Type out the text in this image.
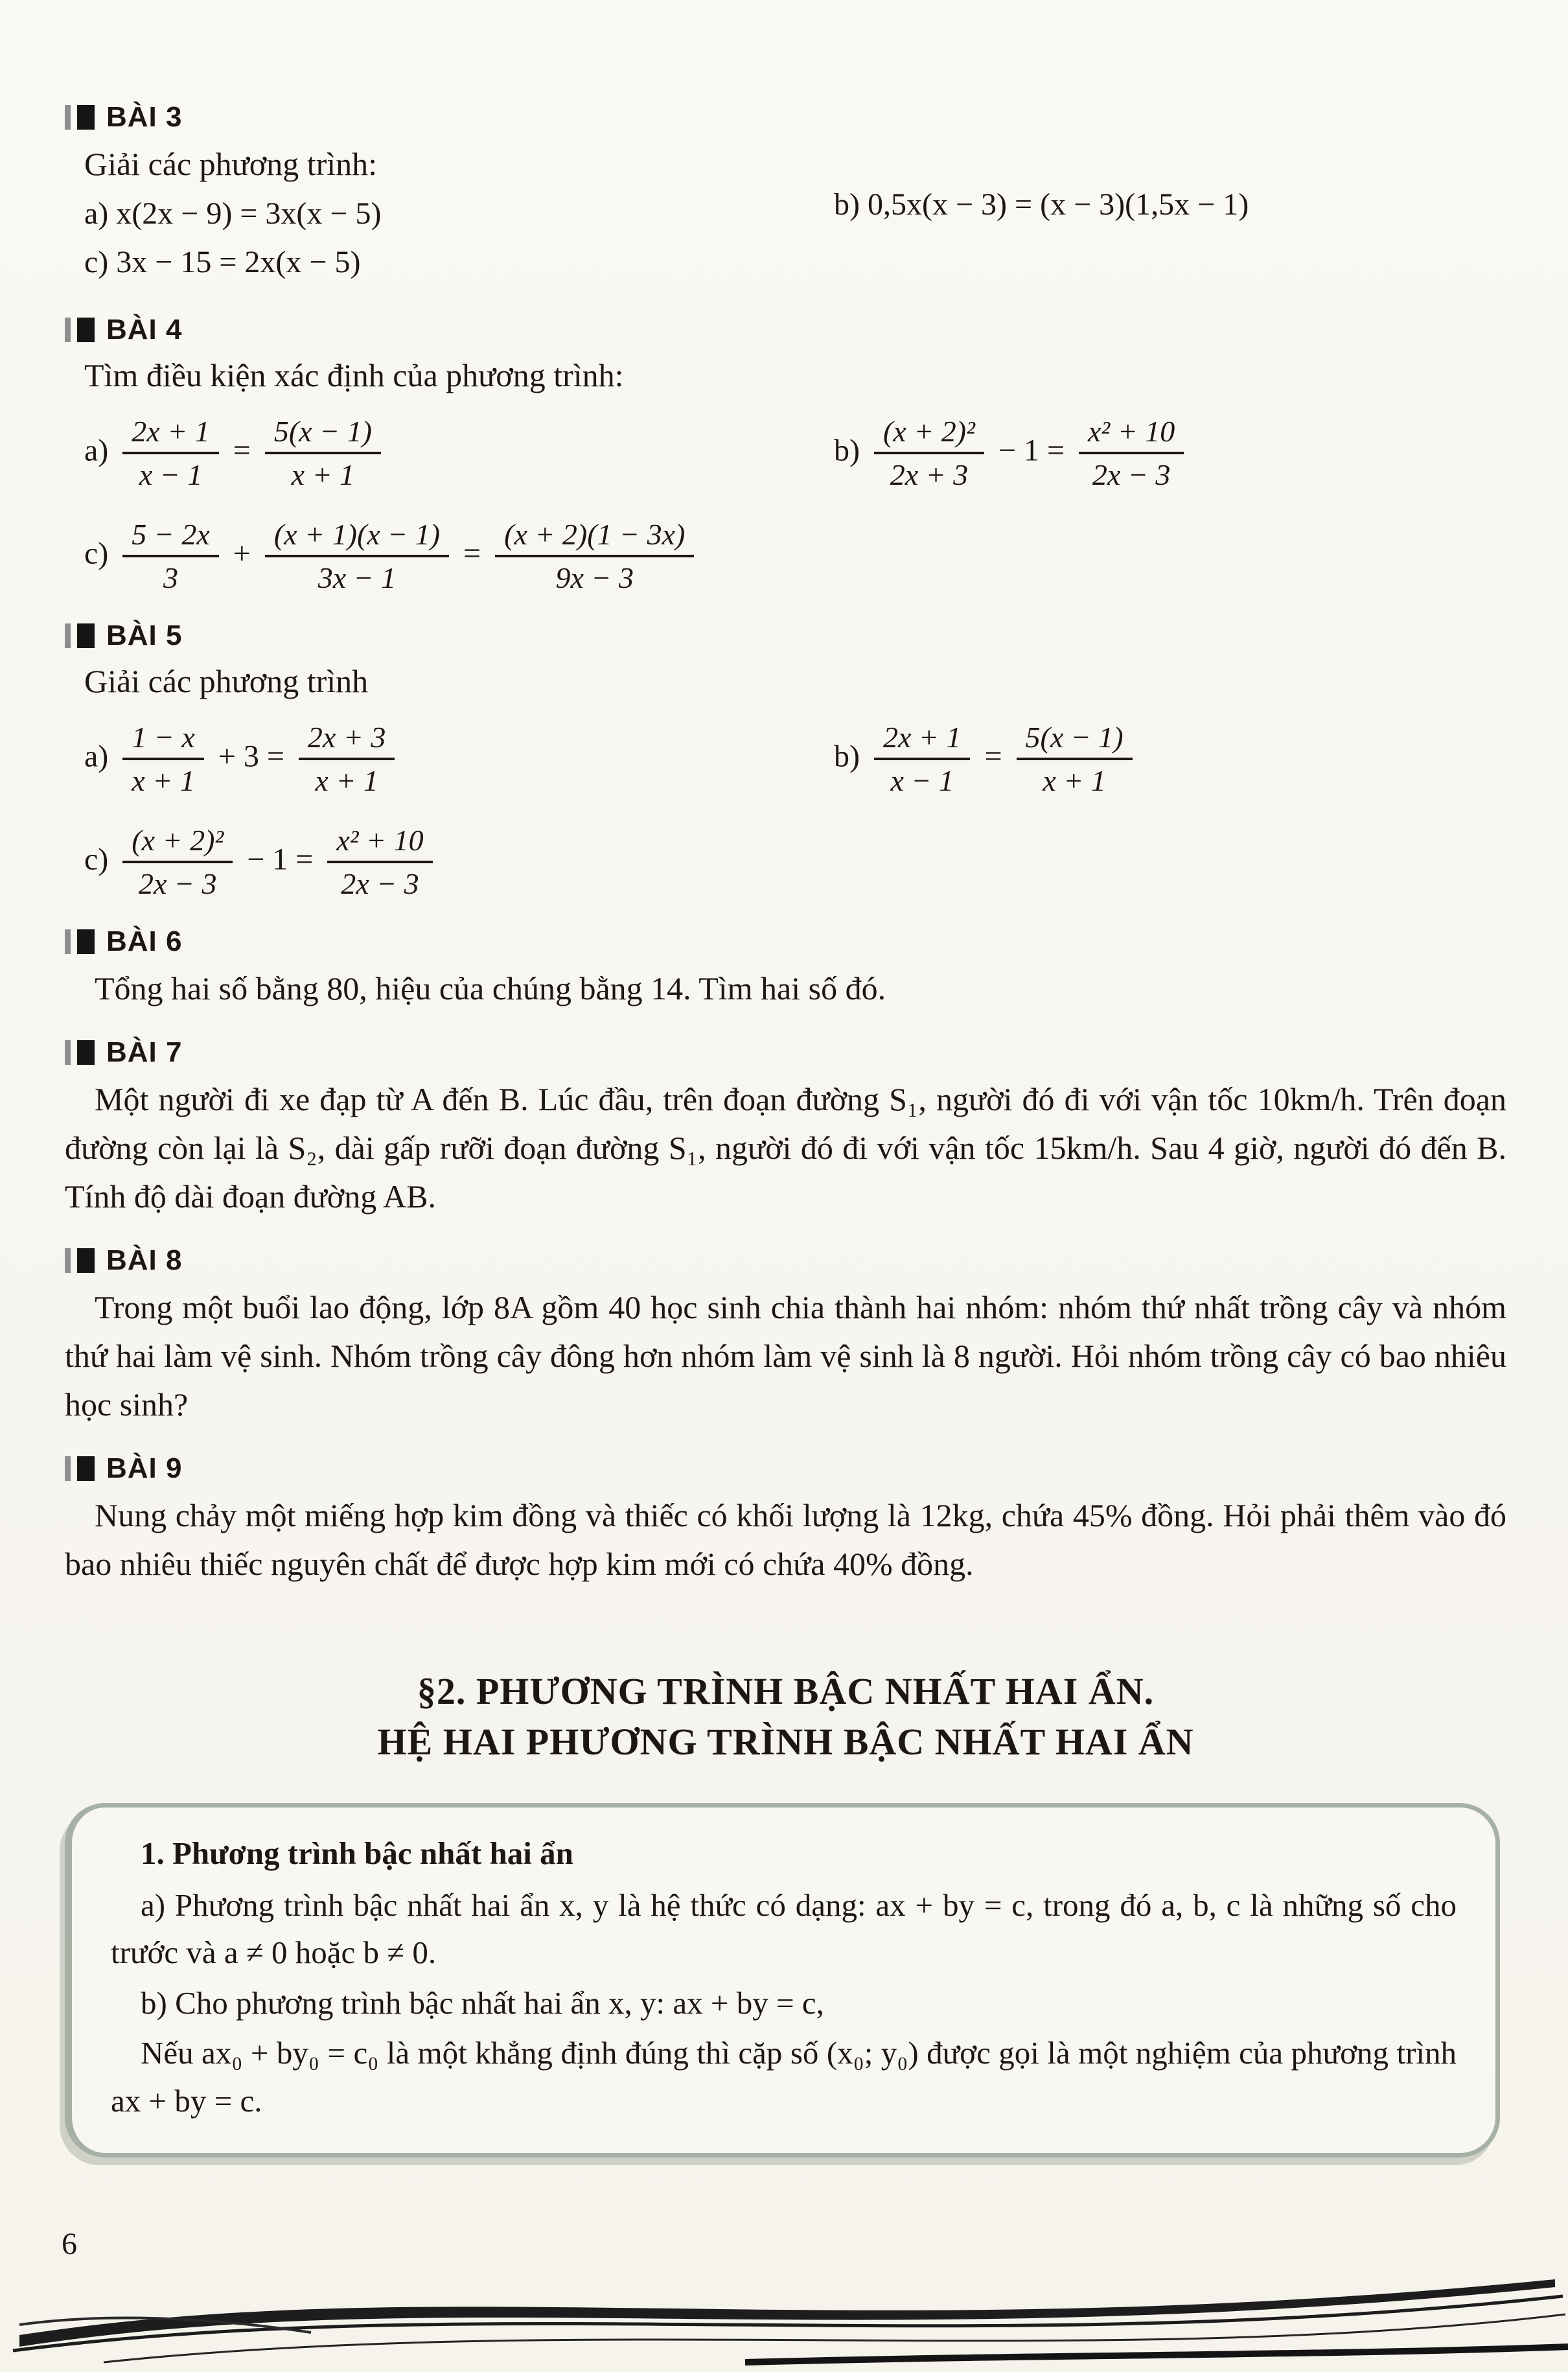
BÀI 3

Giải các phương trình:

a) x(2x − 9) = 3x(x − 5)

c) 3x − 15 = 2x(x − 5)

b) 0,5x(x − 3) = (x − 3)(1,5x − 1)

BÀI 4

Tìm điều kiện xác định của phương trình:

$a) \frac{2x + 1}{x - 1} = \frac{5(x - 1)}{x + 1}$	$b) \frac{\text{(x + 2)²}}{2x + 3} - 1 = \frac{\text{x² + 10}}{2x - 3}$

$c) \frac{5 - 2x}{3} + \frac{(x + 1)(x - 1)}{3x - 1} = \frac{(x + 2)(1 - 3x)}{9x - 3}$

BÀI 5

Giải các phương trình

$a) \frac{1 - x}{x + 1} + 3 = \frac{2x + 3}{x + 1}$	$b) \frac{2x + 1}{x - 1} = \frac{5(x - 1)}{x + 1}$

$c) \frac{\text{(x + 2)²}}{2x - 3} - 1 = \frac{\text{x² + 10}}{2x - 3}$

BÀI 6

Tổng hai số bằng 80, hiệu của chúng bằng 14. Tìm hai số đó.

BÀI 7

Một người đi xe đạp từ A đến B. Lúc đầu, trên đoạn đường S₁, người đó đi với vận tốc 10km/h. Trên đoạn đường còn lại là S₂, dài gấp rưỡi đoạn đường S₁, người đó đi với vận tốc 15km/h. Sau 4 giờ, người đó đến B. Tính độ dài đoạn đường AB.

BÀI 8

Trong một buổi lao động, lớp 8A gồm 40 học sinh chia thành hai nhóm: nhóm thứ nhất trồng cây và nhóm thứ hai làm vệ sinh. Nhóm trồng cây đông hơn nhóm làm vệ sinh là 8 người. Hỏi nhóm trồng cây có bao nhiêu học sinh?

BÀI 9

Nung chảy một miếng hợp kim đồng và thiếc có khối lượng là 12kg, chứa 45% đồng. Hỏi phải thêm vào đó bao nhiêu thiếc nguyên chất để được hợp kim mới có chứa 40% đồng.

§2. PHƯƠNG TRÌNH BẬC NHẤT HAI ẨN.
HỆ HAI PHƯƠNG TRÌNH BẬC NHẤT HAI ẨN

1. Phương trình bậc nhất hai ẩn

a) Phương trình bậc nhất hai ẩn x, y là hệ thức có dạng: ax + by = c, trong đó a, b, c là những số cho trước và a ≠ 0 hoặc b ≠ 0.

b) Cho phương trình bậc nhất hai ẩn x, y: ax + by = c,

Nếu ax₀ + by₀ = c₀ là một khẳng định đúng thì cặp số (x₀; y₀) được gọi là một nghiệm của phương trình ax + by = c.

6
